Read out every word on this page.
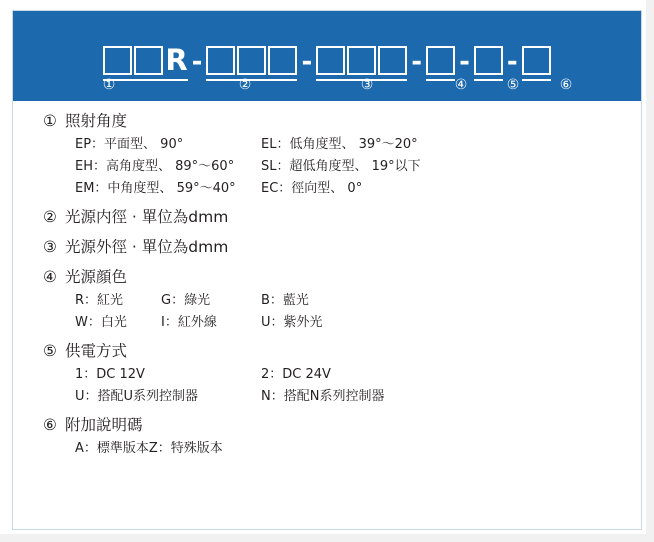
R -	-	- - -
①	②	③	④	⑤	⑥
① 照射角度
EP：平面型、 90°	EL：低角度型、 39°～20°
EH：高角度型、 89°～60°	SL：超低角度型、 19°以下
EM：中角度型、 59°～40°	EC：徑向型、 0°
② 光源内徑 · 單位為dmm
③ 光源外徑 · 單位為dmm
④ 光源顔色
R：紅光	G：綠光	B：藍光
W：白光	I：紅外線	U：紫外光
⑤ 供電方式
1：DC 12V	2：DC 24V
U：搭配U系列控制器	N：搭配N系列控制器
⑥ 附加說明碼
A：標準版本Z：特殊版本
